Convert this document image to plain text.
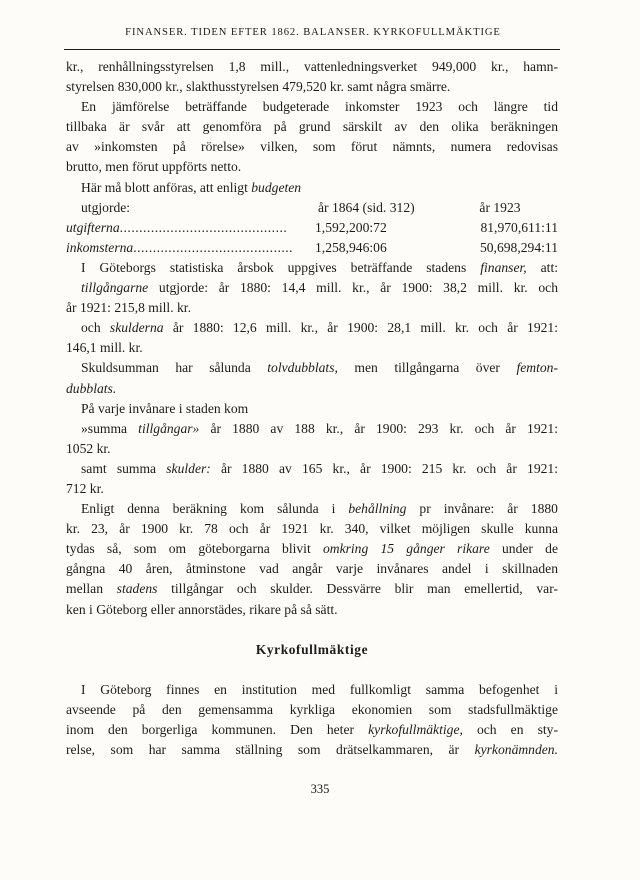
FINANSER. TIDEN EFTER 1862. BALANSER. KYRKOFULLMÄKTIGE
kr., renhållningsstyrelsen 1,8 mill., vattenledningsverket 949,000 kr., hamn-
styrelsen 830,000 kr., slakthusstyrelsen 479,520 kr. samt några smärre.
En jämförelse beträffande budgeterade inkomster 1923 och längre tid
tillbaka är svår att genomföra på grund särskilt av den olika beräkningen
av »inkomsten på rörelse» vilken, som förut nämnts, numera redovisas
brutto, men förut uppförts netto.
Här må blott anföras, att enligt budgeten
utgjorde:	år 1864 (sid. 312)	år 1923
utgifterna...........................................	1,592,200:72	81,970,611:11
inkomsterna.........................................	1,258,946:06	50,698,294:11
I Göteborgs statistiska årsbok uppgives beträffande stadens finanser, att:
tillgångarne utgjorde: år 1880: 14,4 mill. kr., år 1900: 38,2 mill. kr. och
år 1921: 215,8 mill. kr.
och skulderna år 1880: 12,6 mill. kr., år 1900: 28,1 mill. kr. och år 1921:
146,1 mill. kr.
Skuldsumman har sålunda tolvdubblats, men tillgångarna över femton-
dubblats.
På varje invånare i staden kom
»summa tillgångar» år 1880 av 188 kr., år 1900: 293 kr. och år 1921:
1052 kr.
samt summa skulder: år 1880 av 165 kr., år 1900: 215 kr. och år 1921:
712 kr.
Enligt denna beräkning kom sålunda i behållning pr invånare: år 1880
kr. 23, år 1900 kr. 78 och år 1921 kr. 340, vilket möjligen skulle kunna
tydas så, som om göteborgarna blivit omkring 15 gånger rikare under de
gångna 40 åren, åtminstone vad angår varje invånares andel i skillnaden
mellan stadens tillgångar och skulder. Dessvärre blir man emellertid, var-
ken i Göteborg eller annorstädes, rikare på så sätt.
Kyrkofullmäktige
I Göteborg finnes en institution med fullkomligt samma befogenhet i
avseende på den gemensamma kyrkliga ekonomien som stadsfullmäktige
inom den borgerliga kommunen. Den heter kyrkofullmäktige, och en sty-
relse, som har samma ställning som drätselkammaren, är kyrkonämnden.
335
